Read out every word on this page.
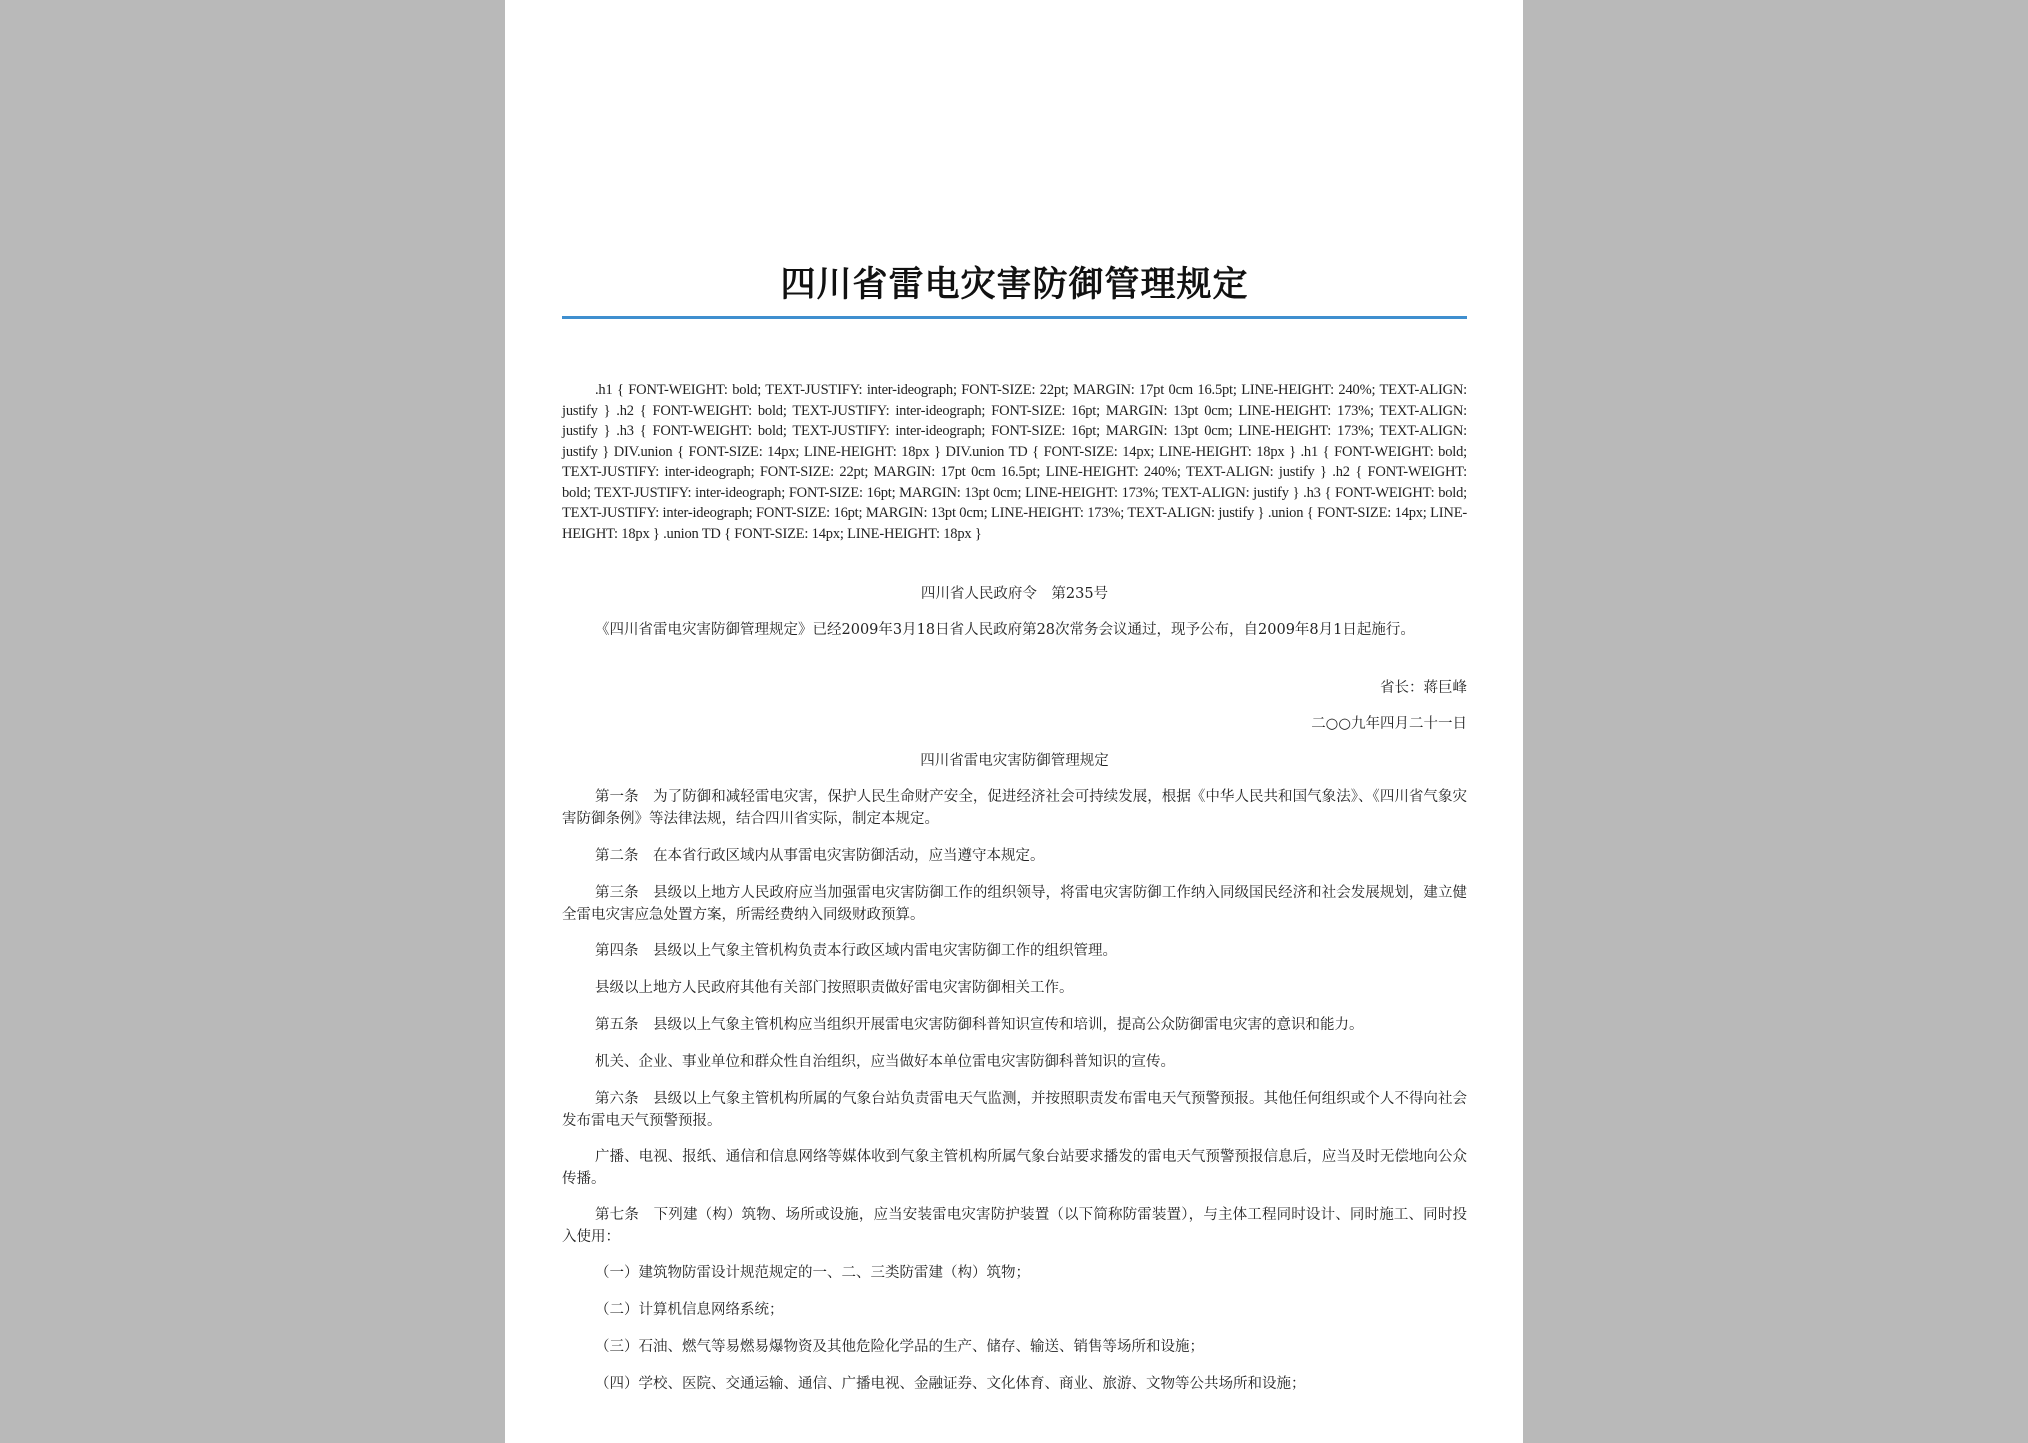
四川省雷电灾害防御管理规定
.h1 { FONT-WEIGHT: bold; TEXT-JUSTIFY: inter-ideograph; FONT-SIZE: 22pt; MARGIN: 17pt 0cm 16.5pt; LINE-HEIGHT: 240%; TEXT-ALIGN: justify } .h2 { FONT-WEIGHT: bold; TEXT-JUSTIFY: inter-ideograph; FONT-SIZE: 16pt; MARGIN: 13pt 0cm; LINE-HEIGHT: 173%; TEXT-ALIGN: justify } .h3 { FONT-WEIGHT: bold; TEXT-JUSTIFY: inter-ideograph; FONT-SIZE: 16pt; MARGIN: 13pt 0cm; LINE-HEIGHT: 173%; TEXT-ALIGN: justify } DIV.union { FONT-SIZE: 14px; LINE-HEIGHT: 18px } DIV.union TD { FONT-SIZE: 14px; LINE-HEIGHT: 18px } .h1 { FONT-WEIGHT: bold; TEXT-JUSTIFY: inter-ideograph; FONT-SIZE: 22pt; MARGIN: 17pt 0cm 16.5pt; LINE-HEIGHT: 240%; TEXT-ALIGN: justify } .h2 { FONT-WEIGHT: bold; TEXT-JUSTIFY: inter-ideograph; FONT-SIZE: 16pt; MARGIN: 13pt 0cm; LINE-HEIGHT: 173%; TEXT-ALIGN: justify } .h3 { FONT-WEIGHT: bold; TEXT-JUSTIFY: inter-ideograph; FONT-SIZE: 16pt; MARGIN: 13pt 0cm; LINE-HEIGHT: 173%; TEXT-ALIGN: justify } .union { FONT-SIZE: 14px; LINE-HEIGHT: 18px } .union TD { FONT-SIZE: 14px; LINE-HEIGHT: 18px }

四川省人民政府令　第235号

《四川省雷电灾害防御管理规定》已经2009年3月18日省人民政府第28次常务会议通过，现予公布，自2009年8月1日起施行。

省长：蒋巨峰

二○○九年四月二十一日

四川省雷电灾害防御管理规定

第一条　为了防御和减轻雷电灾害，保护人民生命财产安全，促进经济社会可持续发展，根据《中华人民共和国气象法》、《四川省气象灾害防御条例》等法律法规，结合四川省实际，制定本规定。

第二条　在本省行政区域内从事雷电灾害防御活动，应当遵守本规定。

第三条　县级以上地方人民政府应当加强雷电灾害防御工作的组织领导，将雷电灾害防御工作纳入同级国民经济和社会发展规划，建立健全雷电灾害应急处置方案，所需经费纳入同级财政预算。

第四条　县级以上气象主管机构负责本行政区域内雷电灾害防御工作的组织管理。

县级以上地方人民政府其他有关部门按照职责做好雷电灾害防御相关工作。

第五条　县级以上气象主管机构应当组织开展雷电灾害防御科普知识宣传和培训，提高公众防御雷电灾害的意识和能力。

机关、企业、事业单位和群众性自治组织，应当做好本单位雷电灾害防御科普知识的宣传。

第六条　县级以上气象主管机构所属的气象台站负责雷电天气监测，并按照职责发布雷电天气预警预报。其他任何组织或个人不得向社会发布雷电天气预警预报。

广播、电视、报纸、通信和信息网络等媒体收到气象主管机构所属气象台站要求播发的雷电天气预警预报信息后，应当及时无偿地向公众传播。

第七条　下列建（构）筑物、场所或设施，应当安装雷电灾害防护装置（以下简称防雷装置），与主体工程同时设计、同时施工、同时投入使用：

（一）建筑物防雷设计规范规定的一、二、三类防雷建（构）筑物；

（二）计算机信息网络系统；

（三）石油、燃气等易燃易爆物资及其他危险化学品的生产、储存、输送、销售等场所和设施；

（四）学校、医院、交通运输、通信、广播电视、金融证券、文化体育、商业、旅游、文物等公共场所和设施；
